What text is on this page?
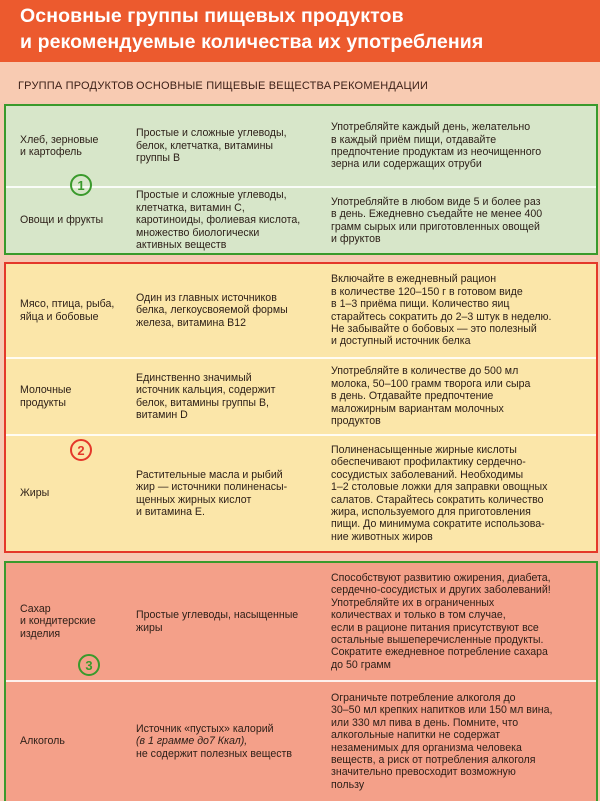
Основные группы пищевых продуктов

и рекомендуемые количества их употребления

ГРУППА ПРОДУКТОВ ОСНОВНЫЕ ПИЩЕВЫЕ ВЕЩЕСТВА РЕКОМЕНДАЦИИ

Хлеб, зерновые
и картофель

Простые и сложные углеводы,
белок, клетчатка, витамины
группы В

Употребляйте каждый день, желательно
в каждый приём пищи, отдавайте
предпочтение продуктам из неочищенного
зерна или содержащих отруби

Овощи и фрукты

Простые и сложные углеводы,
клетчатка, витамин С,
каротиноиды, фолиевая кислота,
множество биологически
активных веществ

Употребляйте в любом виде 5 и более раз
в день. Ежедневно съедайте не менее 400
грамм сырых или приготовленных овощей
и фруктов

1

Мясо, птица, рыба,
яйца и бобовые

Один из главных источников
белка, легкоусвояемой формы
железа, витамина В12

Включайте в ежедневный рацион
в количестве 120–150 г в готовом виде
в 1–3 приёма пищи. Количество яиц
старайтесь сократить до 2–3 штук в неделю.
Не забывайте о бобовых — это полезный
и доступный источник белка

Молочные
продукты

Единственно значимый
источник кальция, содержит
белок, витамины группы В,
витамин D

Употребляйте в количестве до 500 мл
молока, 50–100 грамм творога или сыра
в день. Отдавайте предпочтение
маложирным вариантам молочных
продуктов

Жиры

Растительные масла и рыбий
жир — источники полиненасы-
щенных жирных кислот
и витамина Е.

Полиненасыщенные жирные кислоты
обеспечивают профилактику сердечно-
сосудистых заболеваний. Необходимы
1–2 столовые ложки для заправки овощных
салатов. Старайтесь сократить количество
жира, используемого для приготовления
пищи. До минимума сократите использова-
ние животных жиров

2

Сахар
и кондитерские
изделия

Простые углеводы, насыщенные
жиры

Способствуют развитию ожирения, диабета,
сердечно-сосудистых и других заболеваний!
Употребляйте их в ограниченных
количествах и только в том случае,
если в рационе питания присутствуют все
остальные вышеперечисленные продукты.
Сократите ежедневное потребление сахара
до 50 грамм

Алкоголь

Источник «пустых» калорий
(в 1 грамме до7 Ккал),
не содержит полезных веществ

Ограничьте потребление алкоголя до
30–50 мл крепких напитков или 150 мл вина,
или 330 мл пива в день. Помните, что
алкогольные напитки не содержат
незаменимых для организма человека
веществ, а риск от потребления алкоголя
значительно превосходит возможную
пользу

3
